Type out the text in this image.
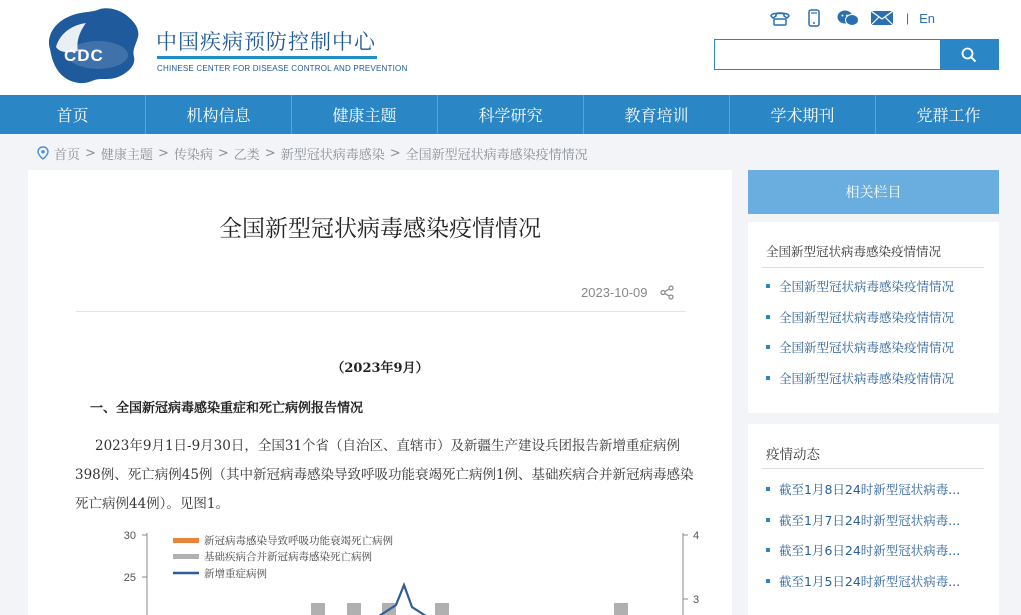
CDC
中国疾病预防控制中心
CHINESE CENTER FOR DISEASE CONTROL AND PREVENTION
| En
首页	机构信息	健康主题	科学研究	教育培训	学术期刊	党群工作
首页 > 健康主题 > 传染病 > 乙类 > 新型冠状病毒感染 > 全国新型冠状病毒感染疫情情况
全国新型冠状病毒感染疫情情况
2023-10-09
（2023年9月）
一、全国新冠病毒感染重症和死亡病例报告情况
2023年9月1日-9月30日，全国31个省（自治区、直辖市）及新疆生产建设兵团报告新增重症病例398例、死亡病例45例（其中新冠病毒感染导致呼吸功能衰竭死亡病例1例、基础疾病合并新冠病毒感染死亡病例44例）。见图1。
30
25
4
3
新冠病毒感染导致呼吸功能衰竭死亡病例
基础疾病合并新冠病毒感染死亡病例
新增重症病例
相关栏目
全国新型冠状病毒感染疫情情况
全国新型冠状病毒感染疫情情况
全国新型冠状病毒感染疫情情况
全国新型冠状病毒感染疫情情况
全国新型冠状病毒感染疫情情况
疫情动态
截至1月8日24时新型冠状病毒...
截至1月7日24时新型冠状病毒...
截至1月6日24时新型冠状病毒...
截至1月5日24时新型冠状病毒...
